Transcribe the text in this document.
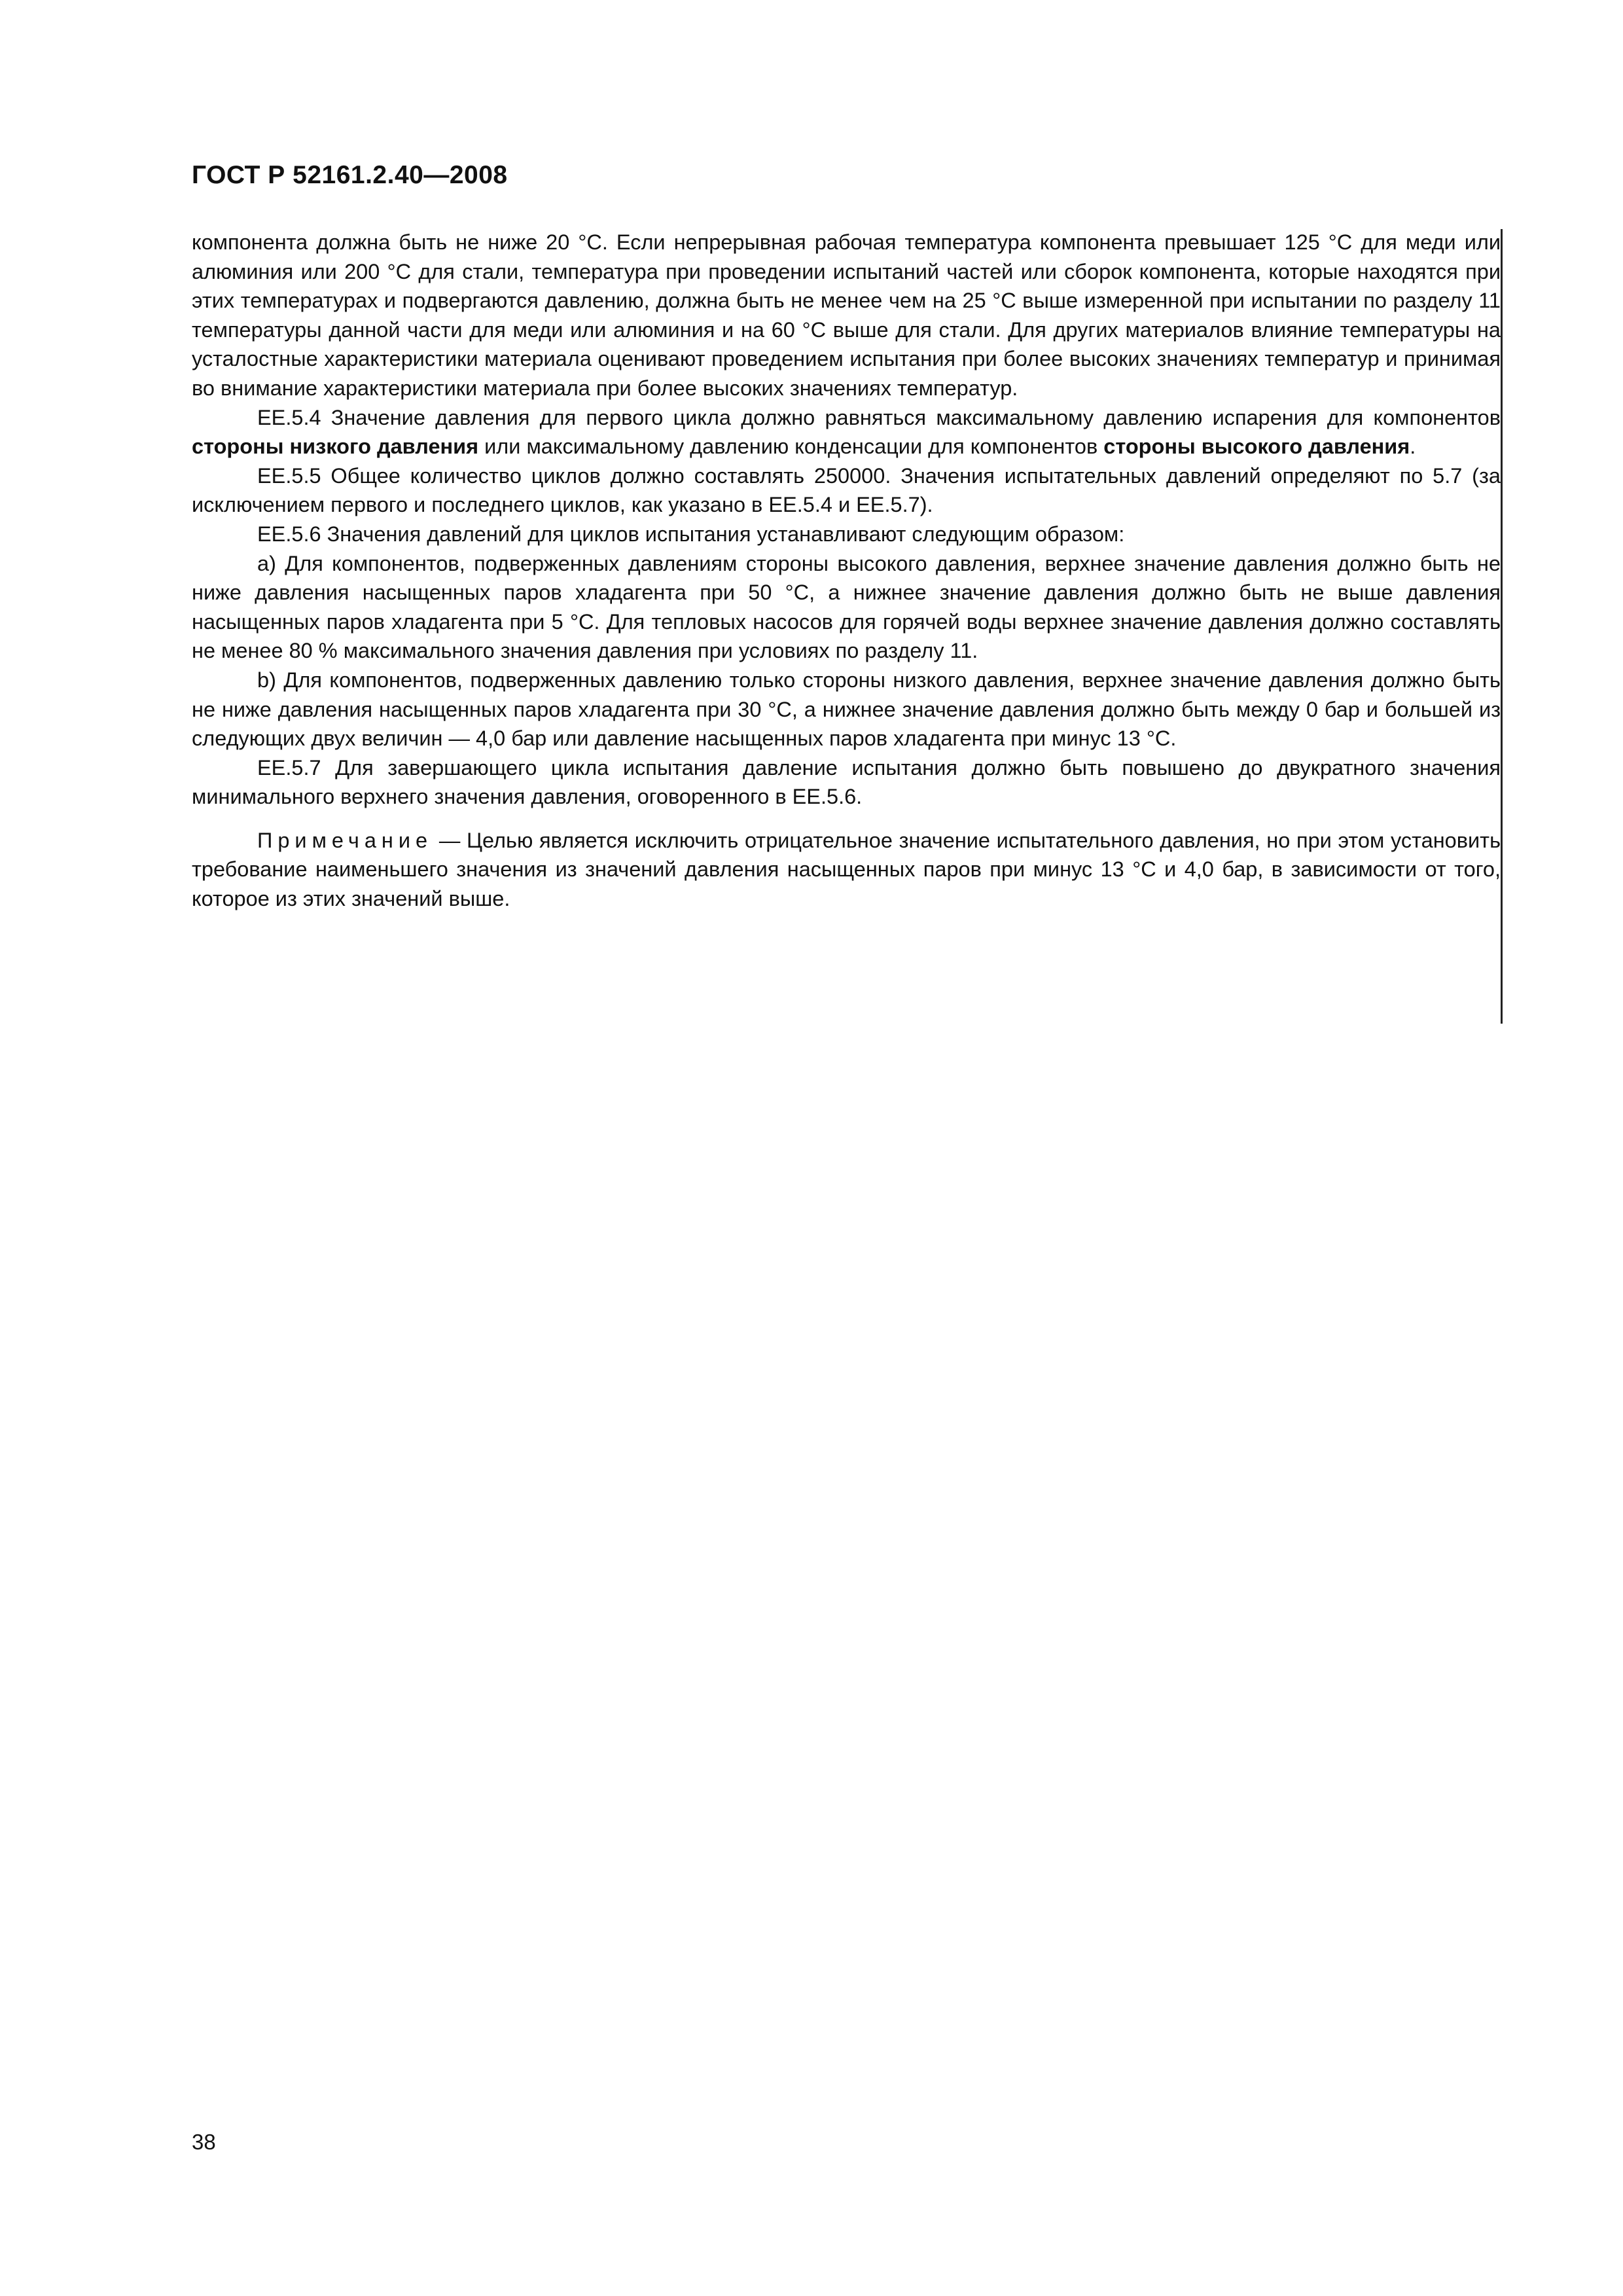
ГОСТ Р 52161.2.40—2008

компонента должна быть не ниже 20 °С. Если непрерывная рабочая температура компонента превышает 125 °С для меди или алюминия или 200 °С для стали, температура при проведении испытаний частей или сборок компонента, которые находятся при этих температурах и подвергаются давлению, должна быть не менее чем на 25 °С выше измеренной при испытании по разделу 11 температуры данной части для меди или алюминия и на 60 °С выше для стали. Для других материалов влияние температуры на усталостные характеристики материала оценивают проведением испытания при более высоких значениях температур и принимая во внимание характеристики материала при более высоких значениях температур.

ЕЕ.5.4 Значение давления для первого цикла должно равняться максимальному давлению испарения для компонентов стороны низкого давления или максимальному давлению конденсации для компонентов стороны высокого давления.

ЕЕ.5.5 Общее количество циклов должно составлять 250000. Значения испытательных давлений определяют по 5.7 (за исключением первого и последнего циклов, как указано в ЕЕ.5.4 и ЕЕ.5.7).

ЕЕ.5.6 Значения давлений для циклов испытания устанавливают следующим образом:

a) Для компонентов, подверженных давлениям стороны высокого давления, верхнее значение давления должно быть не ниже давления насыщенных паров хладагента при 50 °С, а нижнее значение давления должно быть не выше давления насыщенных паров хладагента при 5 °С. Для тепловых насосов для горячей воды верхнее значение давления должно составлять не менее 80 % максимального значения давления при условиях по разделу 11.

b) Для компонентов, подверженных давлению только стороны низкого давления, верхнее значение давления должно быть не ниже давления насыщенных паров хладагента при 30 °С, а нижнее значение давления должно быть между 0 бар и большей из следующих двух величин — 4,0 бар или давление насыщенных паров хладагента при минус 13 °С.

ЕЕ.5.7 Для завершающего цикла испытания давление испытания должно быть повышено до двукратного значения минимального верхнего значения давления, оговоренного в ЕЕ.5.6.

Примечание — Целью является исключить отрицательное значение испытательного давления, но при этом установить требование наименьшего значения из значений давления насыщенных паров при минус 13 °С и 4,0 бар, в зависимости от того, которое из этих значений выше.

38
